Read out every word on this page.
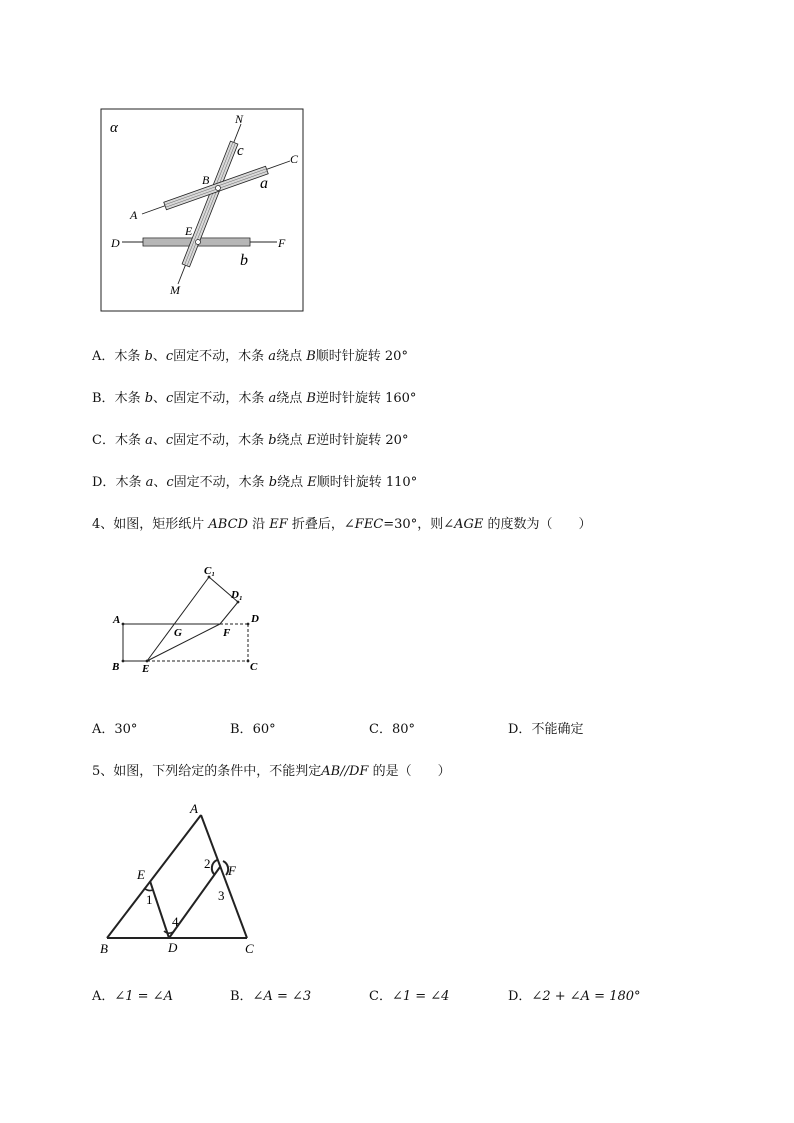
α
N
c	C
B	a
A
E
D	F
b
M
A．木条 b、c固定不动，木条 a绕点 B顺时针旋转 20°
B．木条 b、c固定不动，木条 a绕点 B逆时针旋转 160°
C．木条 a、c固定不动，木条 b绕点 E逆时针旋转 20°
D．木条 a、c固定不动，木条 b绕点 E顺时针旋转 110°
4、如图，矩形纸片 ABCD 沿 EF 折叠后，∠FEC=30°，则∠AGE 的度数为（　　）
C₁
D₁
A	D
G	F
B E	C
A．30°	B．60°	C．80°	D．不能确定
5、如图，下列给定的条件中，不能判定AB//DF 的是（　　）
A
E	F
B	D	C
1
2
3
4
A．∠1 = ∠A	B．∠A = ∠3	C．∠1 = ∠4	D．∠2 + ∠A = 180°
